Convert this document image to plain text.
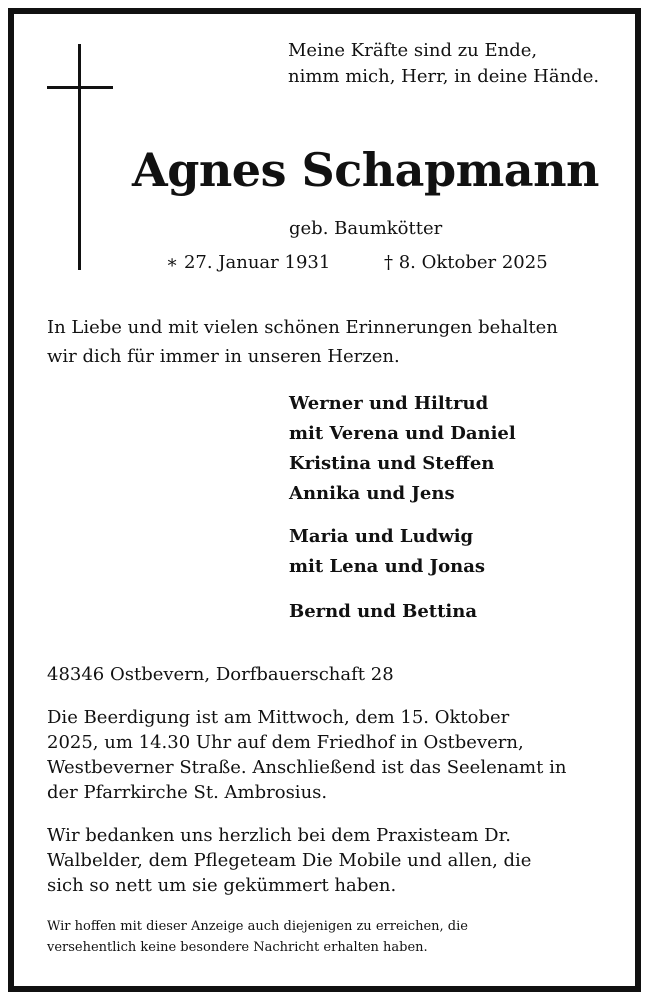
Meine Kräfte sind zu Ende,
nimm mich, Herr, in deine Hände.
Agnes Schapmann
geb. Baumkötter
∗ 27. Januar 1931	† 8. Oktober 2025
In Liebe und mit vielen schönen Erinnerungen behalten
wir dich für immer in unseren Herzen.
Werner und Hiltrud
mit Verena und Daniel
Kristina und Steffen
Annika und Jens
Maria und Ludwig
mit Lena und Jonas
Bernd und Bettina
48346 Ostbevern, Dorfbauerschaft 28
Die Beerdigung ist am Mittwoch, dem 15. Oktober
2025, um 14.30 Uhr auf dem Friedhof in Ostbevern,
Westbeverner Straße. Anschließend ist das Seelenamt in
der Pfarrkirche St. Ambrosius.
Wir bedanken uns herzlich bei dem Praxisteam Dr.
Walbelder, dem Pflegeteam Die Mobile und allen, die
sich so nett um sie gekümmert haben.
Wir hoffen mit dieser Anzeige auch diejenigen zu erreichen, die
versehentlich keine besondere Nachricht erhalten haben.
